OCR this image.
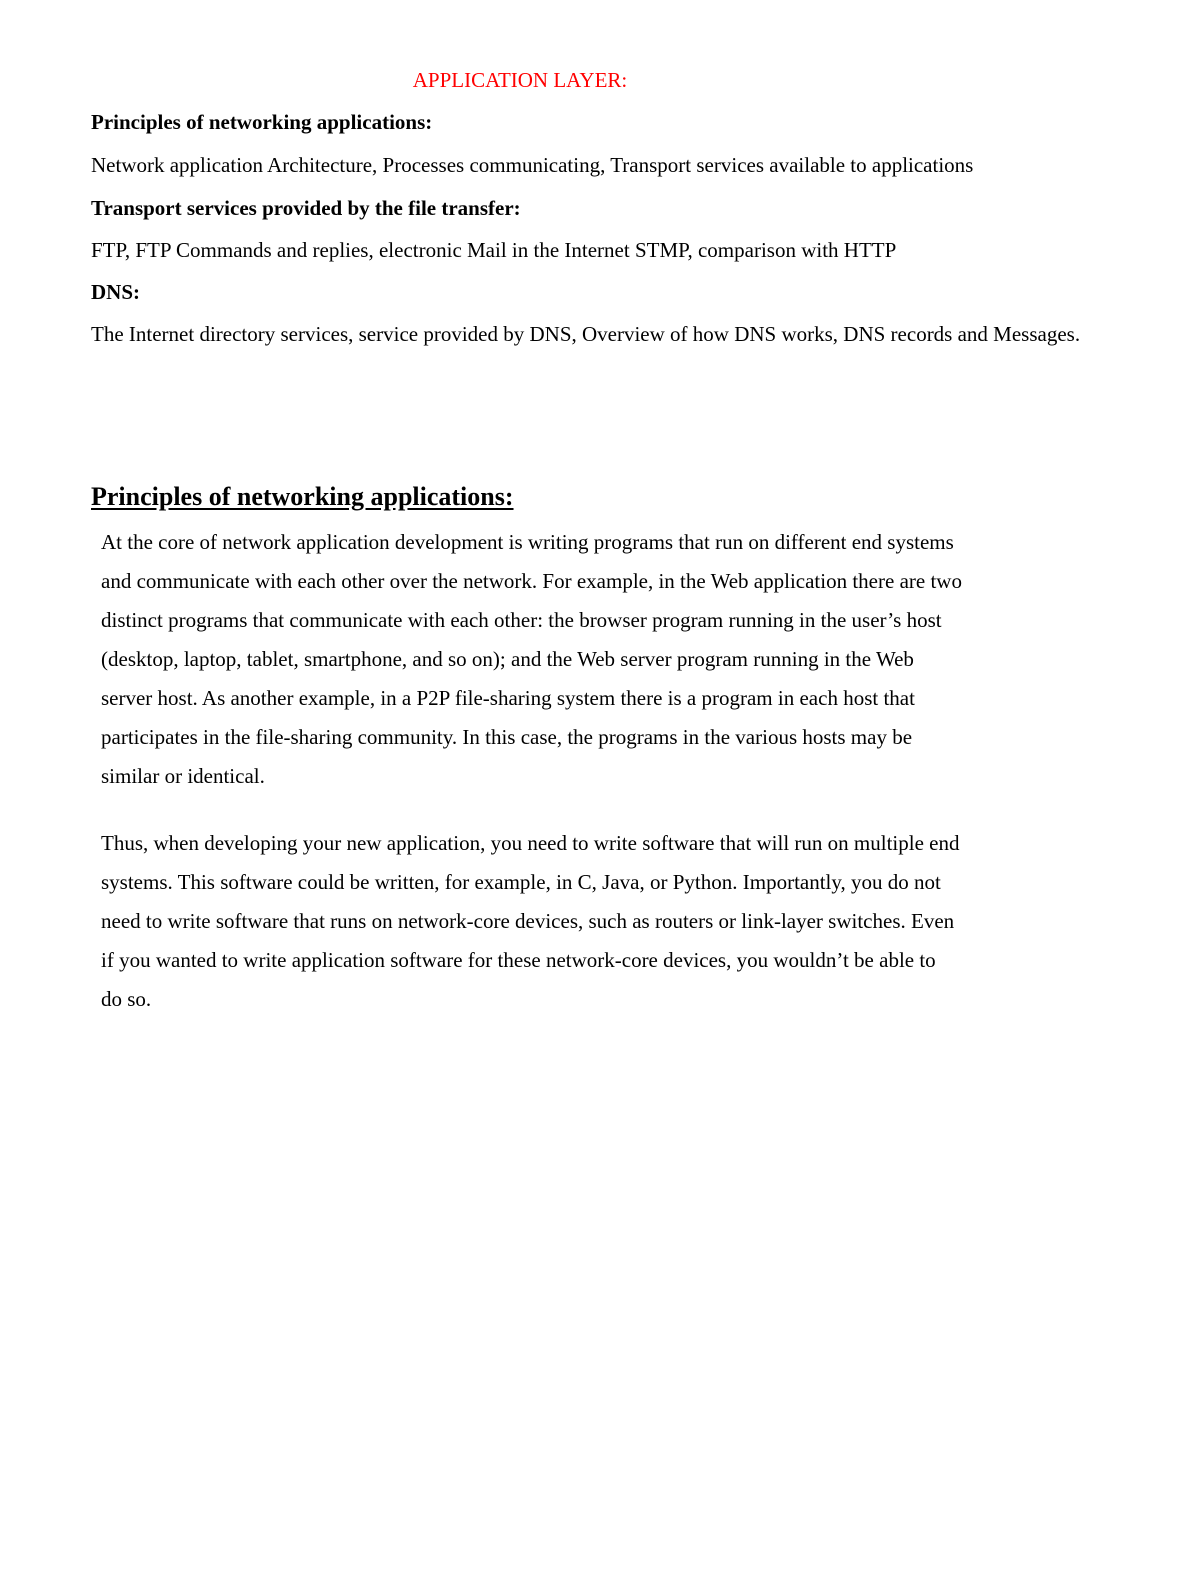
APPLICATION LAYER:

Principles of networking applications:

Network application Architecture, Processes communicating, Transport services available to applications

Transport services provided by the file transfer:

FTP, FTP Commands and replies, electronic Mail in the Internet STMP, comparison with HTTP

DNS:

The Internet directory services, service provided by DNS, Overview of how DNS works, DNS records and Messages.

Principles of networking applications:

At the core of network application development is writing programs that run on different end systems
and communicate with each other over the network. For example, in the Web application there are two
distinct programs that communicate with each other: the browser program running in the user’s host
(desktop, laptop, tablet, smartphone, and so on); and the Web server program running in the Web
server host. As another example, in a P2P file-sharing system there is a program in each host that
participates in the file-sharing community. In this case, the programs in the various hosts may be
similar or identical.

Thus, when developing your new application, you need to write software that will run on multiple end
systems. This software could be written, for example, in C, Java, or Python. Importantly, you do not
need to write software that runs on network-core devices, such as routers or link-layer switches. Even
if you wanted to write application software for these network-core devices, you wouldn’t be able to
do so.
